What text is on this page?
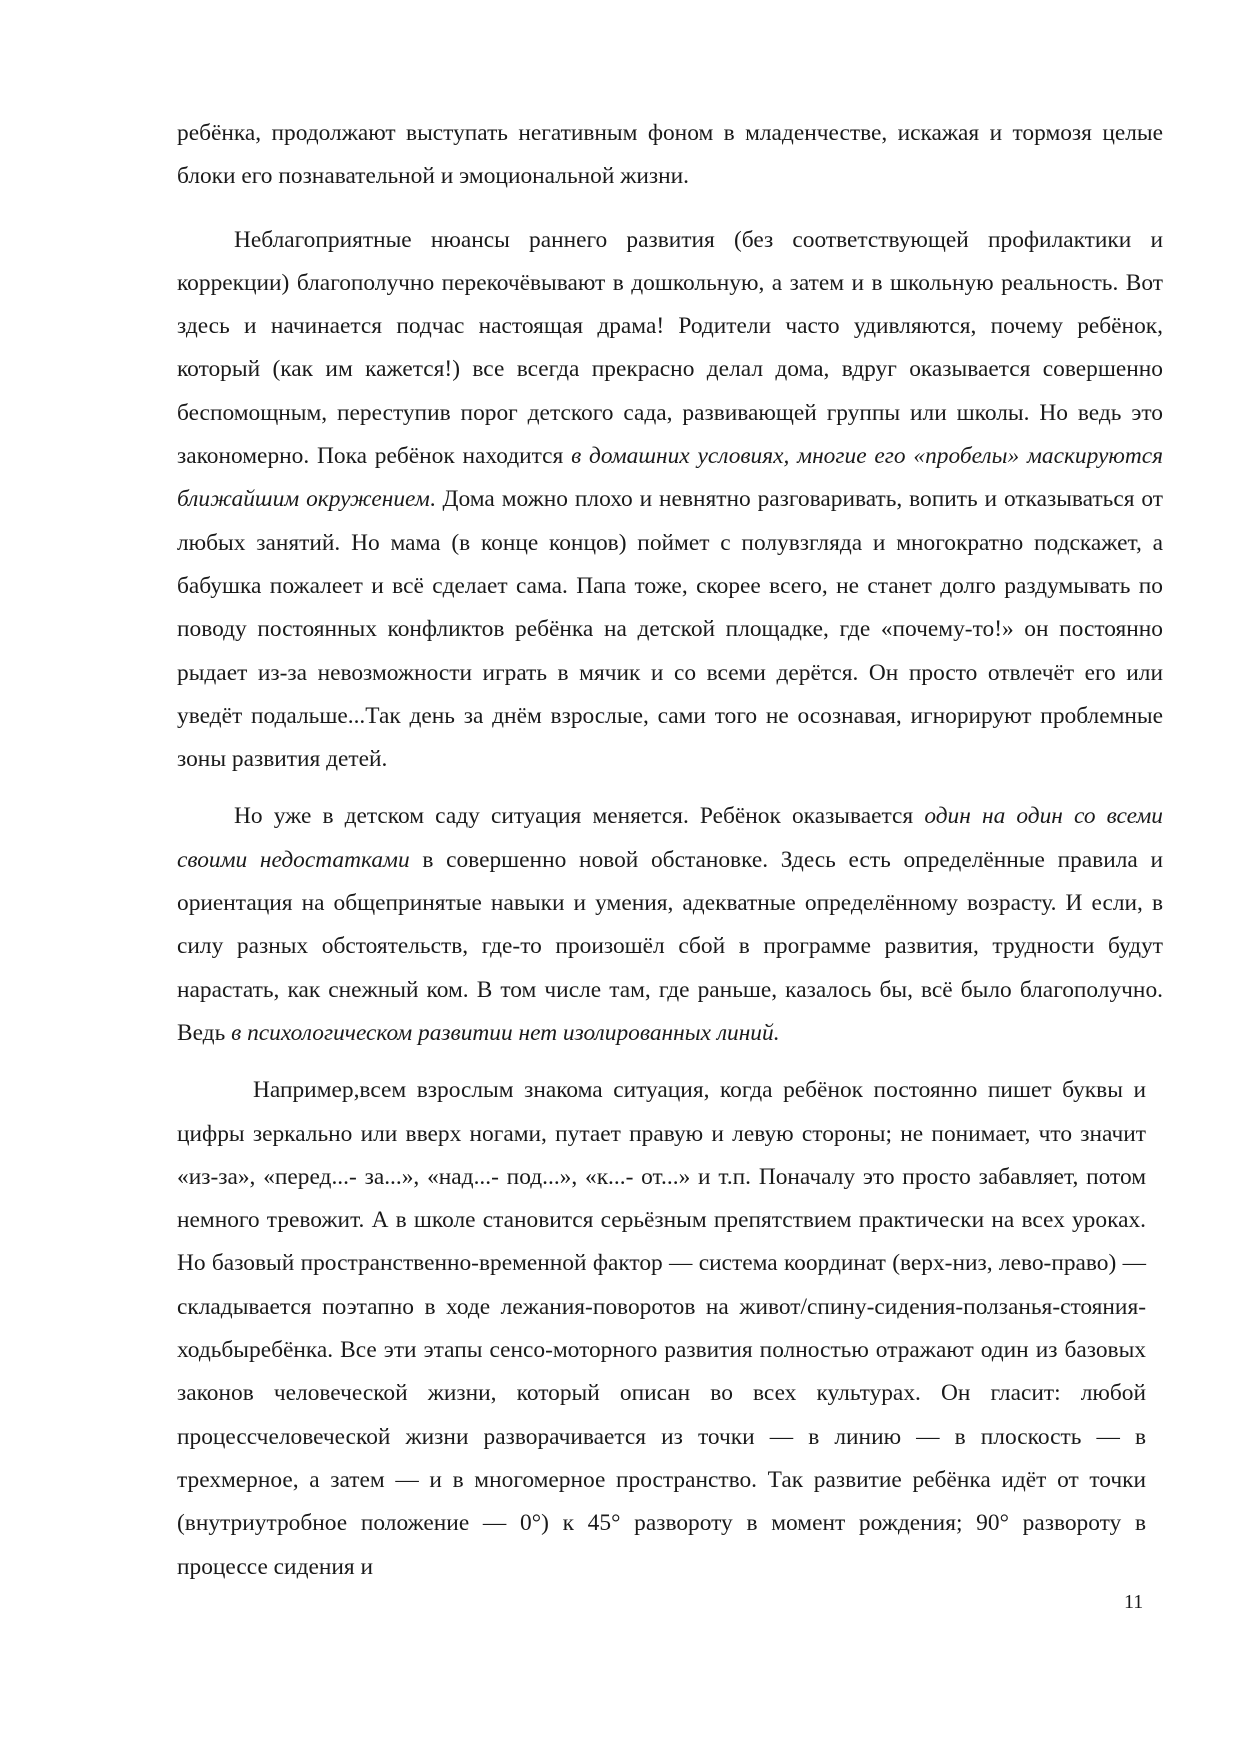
ребёнка, продолжают выступать негативным фоном в младенчестве, искажая и тормозя целые блоки его познавательной и эмоциональной жизни.

Неблагоприятные нюансы раннего развития (без соответствующей профилактики и коррекции) благополучно перекочёвывают в дошкольную, а затем и в школьную реальность. Вот здесь и начинается подчас настоящая драма! Родители часто удивляются, почему ребёнок, который (как им кажется!) все всегда прекрасно делал дома, вдруг оказывается совершенно беспомощным, переступив порог детского сада, развивающей группы или школы. Но ведь это закономерно. Пока ребёнок находится в домашних условиях, многие его «пробелы» маскируются ближайшим окружением. Дома можно плохо и невнятно разговаривать, вопить и отказываться от любых занятий. Но мама (в конце концов) поймет с полувзгляда и многократно подскажет, а бабушка пожалеет и всё сделает сама. Папа тоже, скорее всего, не станет долго раздумывать по поводу постоянных конфликтов ребёнка на детской площадке, где «почему-то!» он постоянно рыдает из-за невозможности играть в мячик и со всеми дерётся. Он просто отвлечёт его или уведёт подальше...Так день за днём взрослые, сами того не осознавая, игнорируют проблемные зоны развития детей.

Но уже в детском саду ситуация меняется. Ребёнок оказывается один на один со всеми своими недостатками в совершенно новой обстановке. Здесь есть определённые правила и ориентация на общепринятые навыки и умения, адекватные определённому возрасту. И если, в силу разных обстоятельств, где-то произошёл сбой в программе развития, трудности будут нарастать, как снежный ком. В том числе там, где раньше, казалось бы, всё было благополучно. Ведь в психологическом развитии нет изолированных линий.

Например,всем взрослым знакома ситуация, когда ребёнок постоянно пишет буквы и цифры зеркально или вверх ногами, путает правую и левую стороны; не понимает, что значит «из-за», «перед...- за...», «над...- под...», «к...- от...» и т.п. Поначалу это просто забавляет, потом немного тревожит. А в школе становится серьёзным препятствием практически на всех уроках. Но базовый пространственно-временной фактор — система координат (верх-низ, лево-право) — складывается поэтапно в ходе лежания-поворотов на живот/спину-сидения-ползанья-стояния-ходьбыребёнка. Все эти этапы сенсо-моторного развития полностью отражают один из базовых законов человеческой жизни, который описан во всех культурах. Он гласит: любой процессчеловеческой жизни разворачивается из точки — в линию — в плоскость — в трехмерное, а затем — и в многомерное пространство. Так развитие ребёнка идёт от точки (внутриутробное положение — 0°) к 45° развороту в момент рождения; 90° развороту в процессе сидения и

11
